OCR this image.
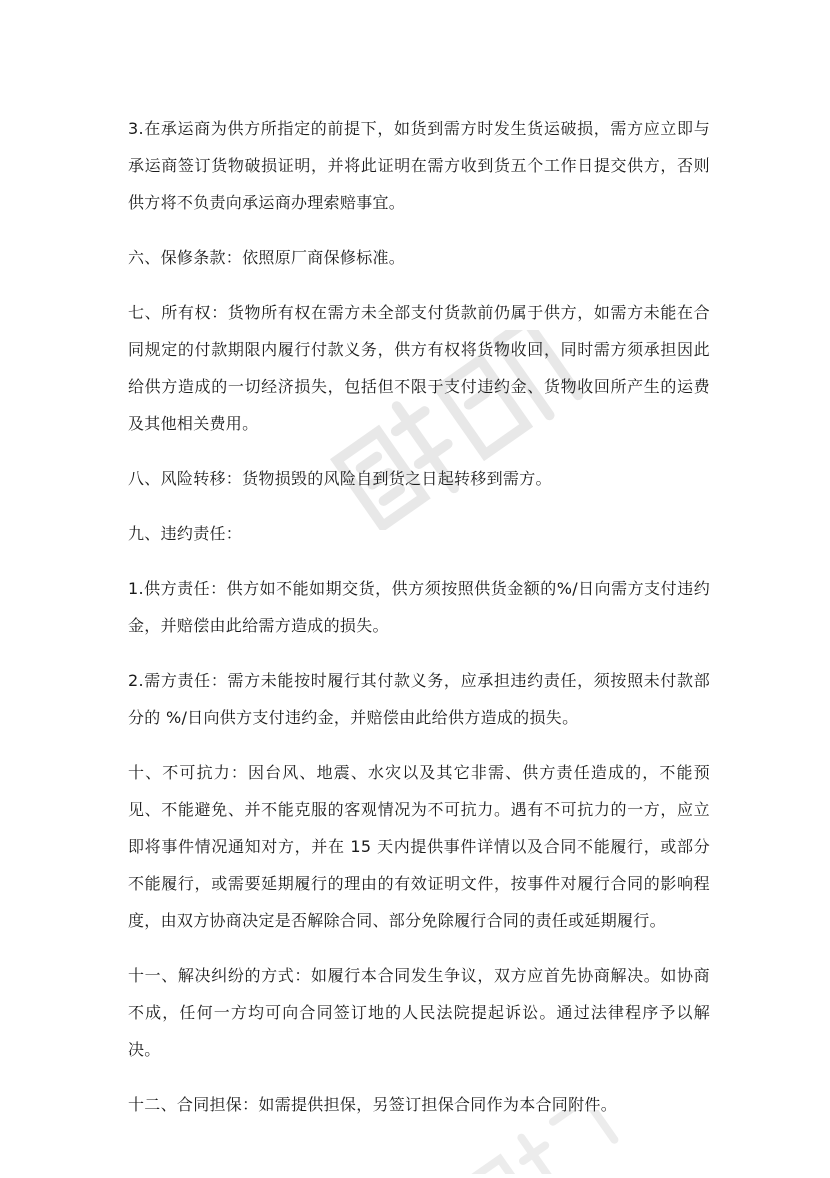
3.在承运商为供方所指定的前提下，如货到需方时发生货运破损，需方应立即与承运商签订货物破损证明，并将此证明在需方收到货五个工作日提交供方，否则供方将不负责向承运商办理索赔事宜。

六、保修条款：依照原厂商保修标准。

七、所有权：货物所有权在需方未全部支付货款前仍属于供方，如需方未能在合同规定的付款期限内履行付款义务，供方有权将货物收回，同时需方须承担因此给供方造成的一切经济损失，包括但不限于支付违约金、货物收回所产生的运费及其他相关费用。

八、风险转移：货物损毁的风险自到货之日起转移到需方。

九、违约责任：

1.供方责任：供方如不能如期交货，供方须按照供货金额的%/日向需方支付违约金，并赔偿由此给需方造成的损失。

2.需方责任：需方未能按时履行其付款义务，应承担违约责任，须按照未付款部分的 %/日向供方支付违约金，并赔偿由此给供方造成的损失。

十、不可抗力：因台风、地震、水灾以及其它非需、供方责任造成的，不能预见、不能避免、并不能克服的客观情况为不可抗力。遇有不可抗力的一方，应立即将事件情况通知对方，并在 15 天内提供事件详情以及合同不能履行，或部分不能履行，或需要延期履行的理由的有效证明文件，按事件对履行合同的影响程度，由双方协商决定是否解除合同、部分免除履行合同的责任或延期履行。

十一、解决纠纷的方式：如履行本合同发生争议，双方应首先协商解决。如协商不成，任何一方均可向合同签订地的人民法院提起诉讼。通过法律程序予以解决。

十二、合同担保：如需提供担保，另签订担保合同作为本合同附件。
